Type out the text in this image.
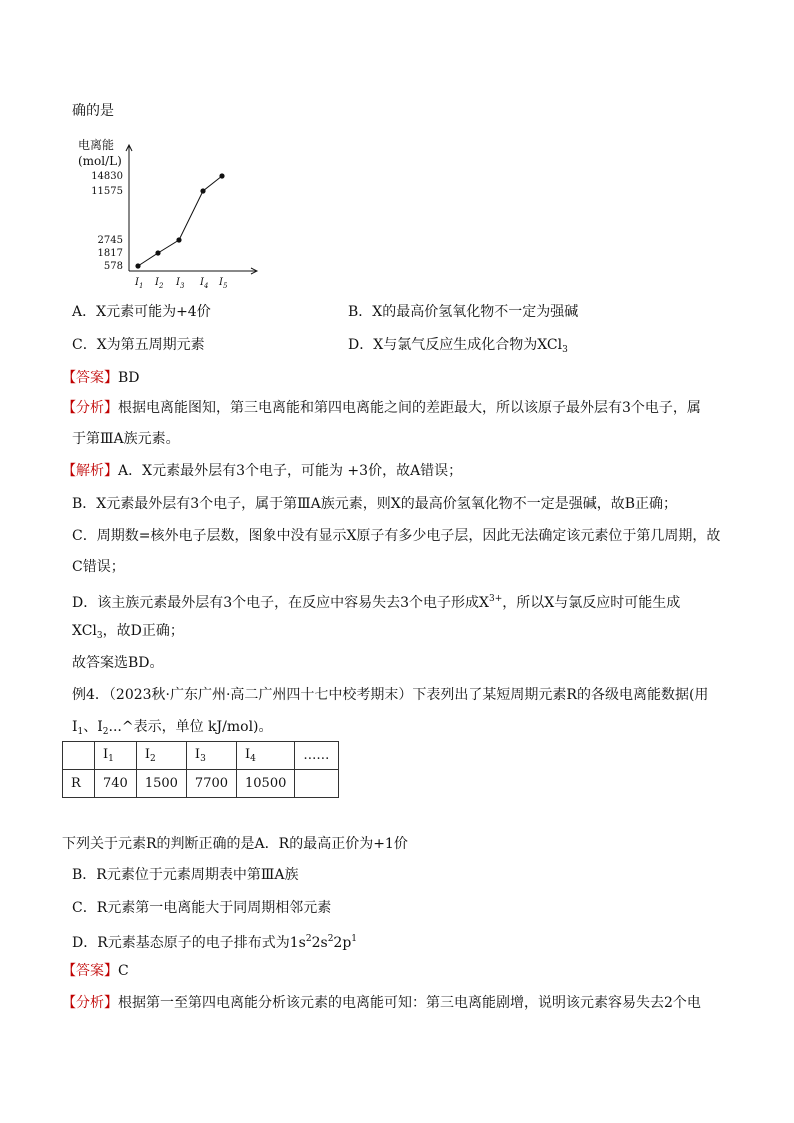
确的是
电离能
(mol/L)
14830
11575
2745
1817
578
$I_1$ $I_2$ $I_3$ $I_4$ $I_5$
A．X元素可能为+4价	B．X的最高价氢氧化物不一定为强碱
C．X为第五周期元素	D．X与氯气反应生成化合物为XCl$_3$
【答案】BD
【分析】根据电离能图知，第三电离能和第四电离能之间的差距最大，所以该原子最外层有3个电子，属
于第ⅢA族元素。
【解析】A．X元素最外层有3个电子，可能为 +3价，故A错误；
B．X元素最外层有3个电子，属于第ⅢA族元素，则X的最高价氢氧化物不一定是强碱，故B正确；
C．周期数=核外电子层数，图象中没有显示X原子有多少电子层，因此无法确定该元素位于第几周期，故
C错误；
D．该主族元素最外层有3个电子，在反应中容易失去3个电子形成$X^{3+}$，所以X与氯反应时可能生成
XCl$_3$，故D正确；
故答案选BD。
例4．（2023秋·广东广州·高二广州四十七中校考期末）下表列出了某短周期元素R的各级电离能数据(用
$I_1$、$I_2...\^{}$表示，单位 kJ/mol)。
	$I_1$	$I_2$	$I_3$	$I_4$	……
R	740	1500	7700	10500	
下列关于元素R的判断正确的是A．R的最高正价为+1价
B．R元素位于元素周期表中第ⅢA族
C．R元素第一电离能大于同周期相邻元素
D．R元素基态原子的电子排布式为$1s^22s^22p^1$
【答案】C
【分析】根据第一至第四电离能分析该元素的电离能可知：第三电离能剧增，说明该元素容易失去2个电
